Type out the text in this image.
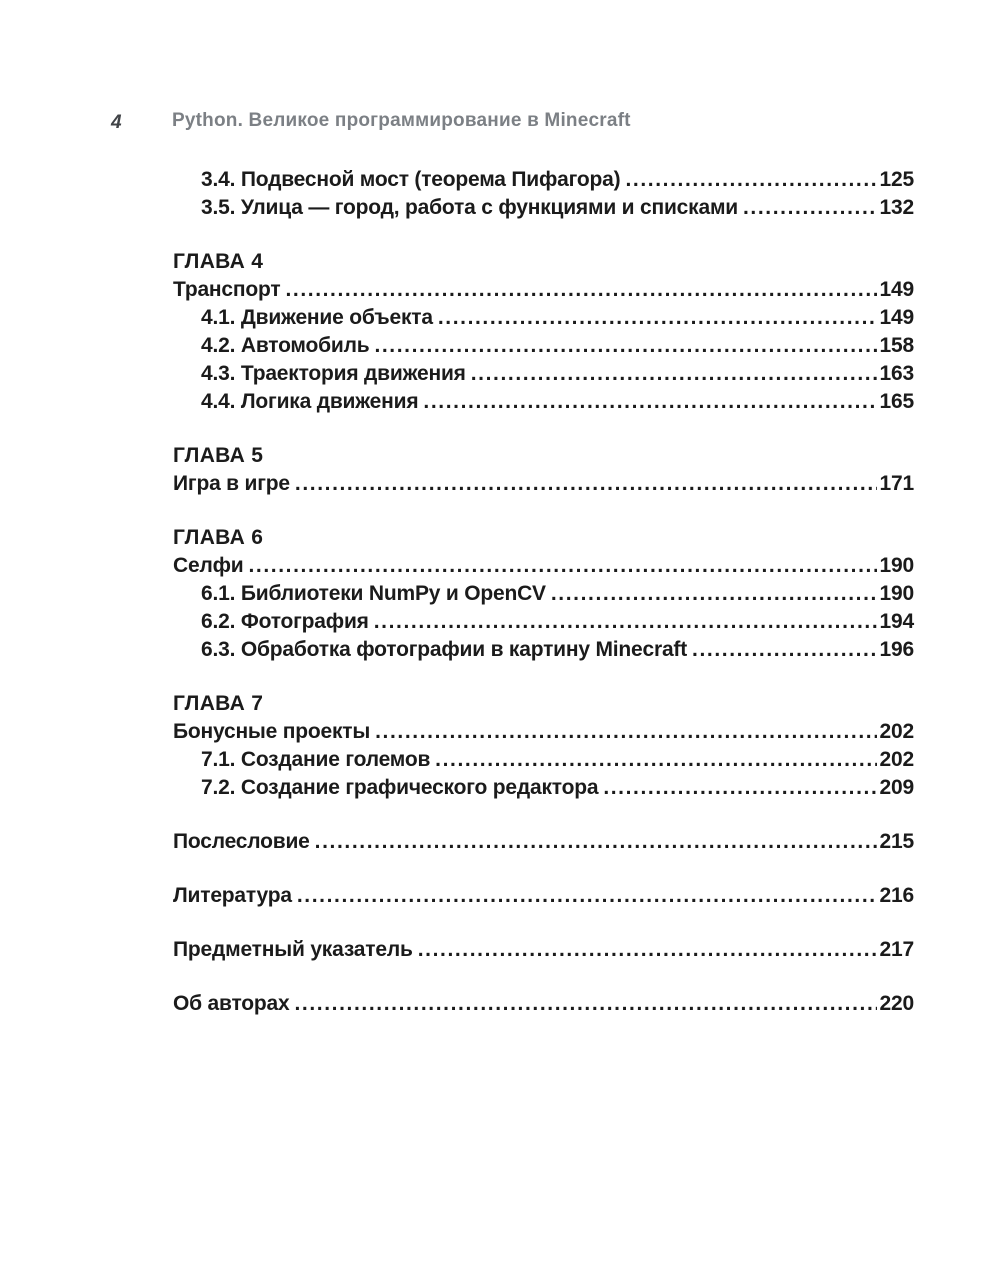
4	Python. Великое программирование в Minecraft
3.4. Подвесной мост (теорема Пифагора) .....	125
3.5. Улица — город, работа с функциями и списками .....	132
ГЛАВА 4
Транспорт .....	149
4.1. Движение объекта .....	149
4.2. Автомобиль .....	158
4.3. Траектория движения .....	163
4.4. Логика движения .....	165
ГЛАВА 5
Игра в игре .....	171
ГЛАВА 6
Селфи .....	190
6.1. Библиотеки NumPy и OpenCV .....	190
6.2. Фотография .....	194
6.3. Обработка фотографии в картину Minecraft .....	196
ГЛАВА 7
Бонусные проекты .....	202
7.1. Создание големов .....	202
7.2. Создание графического редактора .....	209
Послесловие .....	215
Литература .....	216
Предметный указатель .....	217
Об авторах .....	220
